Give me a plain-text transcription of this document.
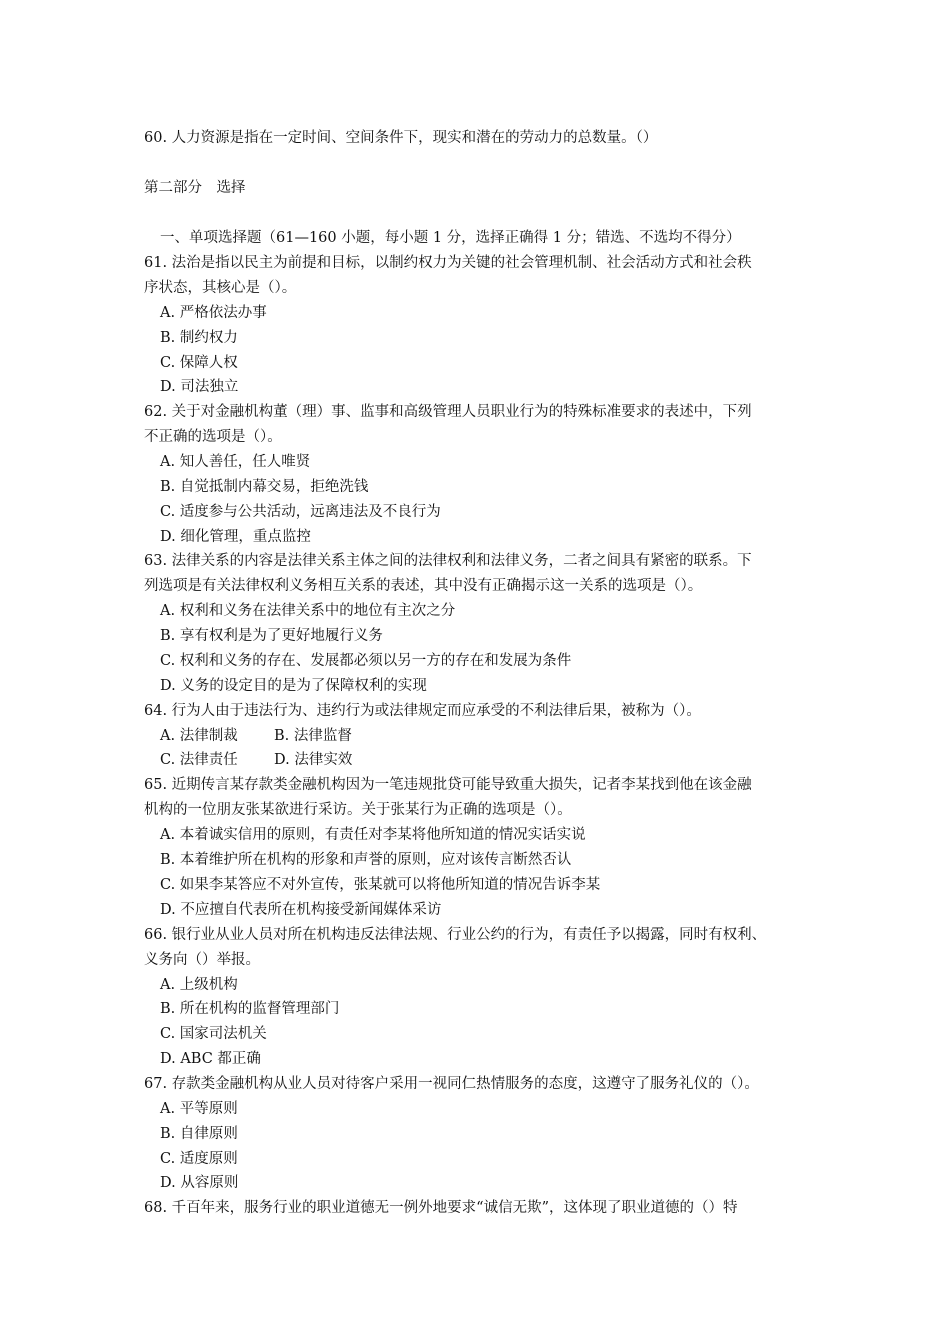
60. 人力资源是指在一定时间、空间条件下，现实和潜在的劳动力的总数量。（）
第二部分　选择
一、单项选择题（61—160 小题，每小题 1 分，选择正确得 1 分；错选、不选均不得分）
61. 法治是指以民主为前提和目标，以制约权力为关键的社会管理机制、社会活动方式和社会秩
序状态，其核心是（）。
A. 严格依法办事
B. 制约权力
C. 保障人权
D. 司法独立
62. 关于对金融机构董（理）事、监事和高级管理人员职业行为的特殊标准要求的表述中，下列
不正确的选项是（）。
A. 知人善任，任人唯贤
B. 自觉抵制内幕交易，拒绝洗钱
C. 适度参与公共活动，远离违法及不良行为
D. 细化管理，重点监控
63. 法律关系的内容是法律关系主体之间的法律权利和法律义务，二者之间具有紧密的联系。下
列选项是有关法律权利义务相互关系的表述，其中没有正确揭示这一关系的选项是（）。
A. 权利和义务在法律关系中的地位有主次之分
B. 享有权利是为了更好地履行义务
C. 权利和义务的存在、发展都必须以另一方的存在和发展为条件
D. 义务的设定目的是为了保障权利的实现
64. 行为人由于违法行为、违约行为或法律规定而应承受的不利法律后果，被称为（）。
A. 法律制裁	B. 法律监督
C. 法律责任 D. 法律实效
65. 近期传言某存款类金融机构因为一笔违规批贷可能导致重大损失，记者李某找到他在该金融
机构的一位朋友张某欲进行采访。关于张某行为正确的选项是（）。
A. 本着诚实信用的原则，有责任对李某将他所知道的情况实话实说
B. 本着维护所在机构的形象和声誉的原则，应对该传言断然否认
C. 如果李某答应不对外宣传，张某就可以将他所知道的情况告诉李某
D. 不应擅自代表所在机构接受新闻媒体采访
66. 银行业从业人员对所在机构违反法律法规、行业公约的行为，有责任予以揭露，同时有权利、
义务向（）举报。
A. 上级机构
B. 所在机构的监督管理部门
C. 国家司法机关
D. ABC 都正确
67. 存款类金融机构从业人员对待客户采用一视同仁热情服务的态度，这遵守了服务礼仪的（）。
A. 平等原则
B. 自律原则
C. 适度原则
D. 从容原则
68. 千百年来，服务行业的职业道德无一例外地要求“诚信无欺”，这体现了职业道德的（）特
